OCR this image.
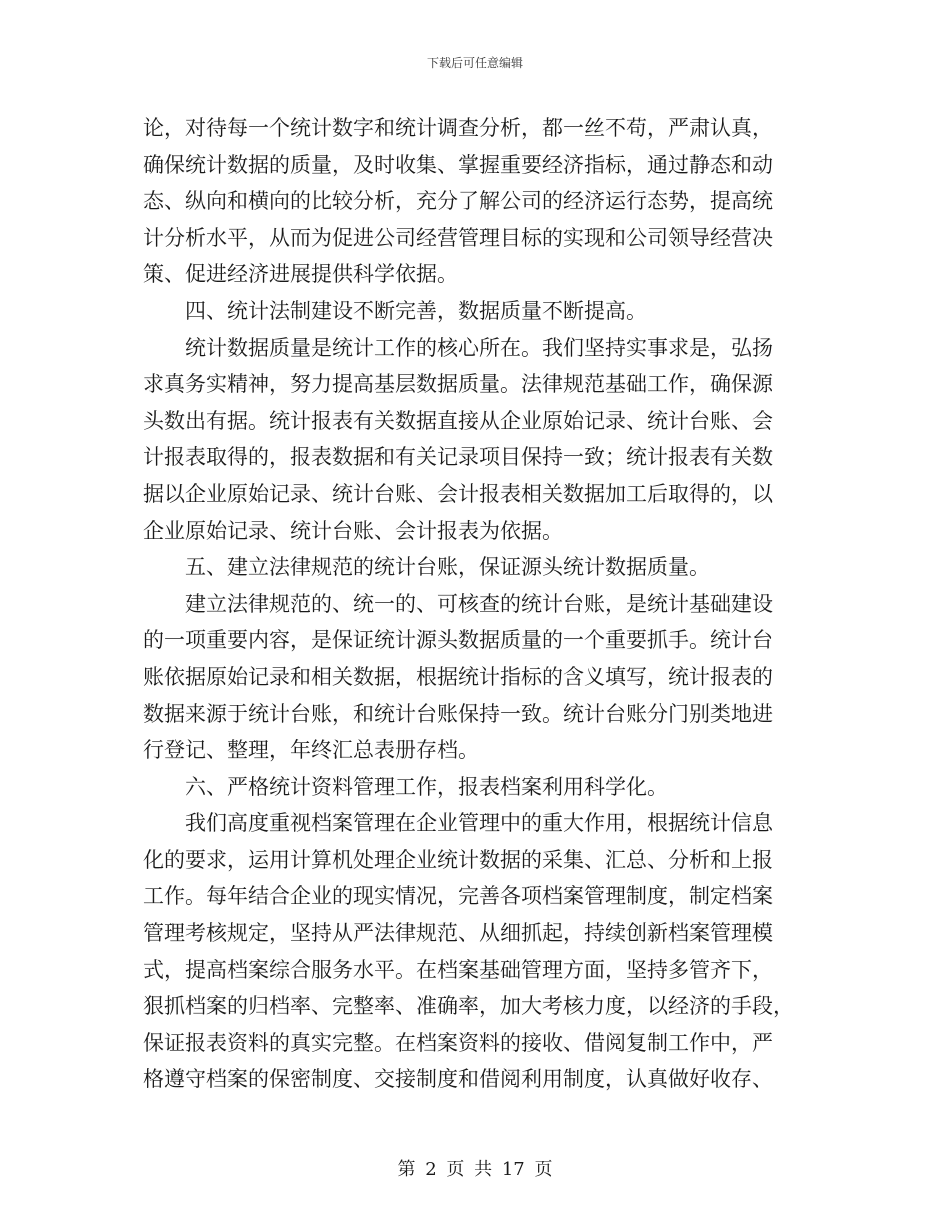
下载后可任意编辑
论，对待每一个统计数字和统计调查分析，都一丝不苟，严肃认真，
确保统计数据的质量，及时收集、掌握重要经济指标，通过静态和动
态、纵向和横向的比较分析，充分了解公司的经济运行态势，提高统
计分析水平，从而为促进公司经营管理目标的实现和公司领导经营决
策、促进经济进展提供科学依据。
四、统计法制建设不断完善，数据质量不断提高。
统计数据质量是统计工作的核心所在。我们坚持实事求是，弘扬
求真务实精神，努力提高基层数据质量。法律规范基础工作，确保源
头数出有据。统计报表有关数据直接从企业原始记录、统计台账、会
计报表取得的，报表数据和有关记录项目保持一致；统计报表有关数
据以企业原始记录、统计台账、会计报表相关数据加工后取得的，以
企业原始记录、统计台账、会计报表为依据。
五、建立法律规范的统计台账，保证源头统计数据质量。
建立法律规范的、统一的、可核查的统计台账，是统计基础建设
的一项重要内容，是保证统计源头数据质量的一个重要抓手。统计台
账依据原始记录和相关数据，根据统计指标的含义填写，统计报表的
数据来源于统计台账，和统计台账保持一致。统计台账分门别类地进
行登记、整理，年终汇总表册存档。
六、严格统计资料管理工作，报表档案利用科学化。
我们高度重视档案管理在企业管理中的重大作用，根据统计信息
化的要求，运用计算机处理企业统计数据的采集、汇总、分析和上报
工作。每年结合企业的现实情况，完善各项档案管理制度，制定档案
管理考核规定，坚持从严法律规范、从细抓起，持续创新档案管理模
式，提高档案综合服务水平。在档案基础管理方面，坚持多管齐下，
狠抓档案的归档率、完整率、准确率，加大考核力度，以经济的手段，
保证报表资料的真实完整。在档案资料的接收、借阅复制工作中，严
格遵守档案的保密制度、交接制度和借阅利用制度，认真做好收存、
第 2 页 共 17 页
